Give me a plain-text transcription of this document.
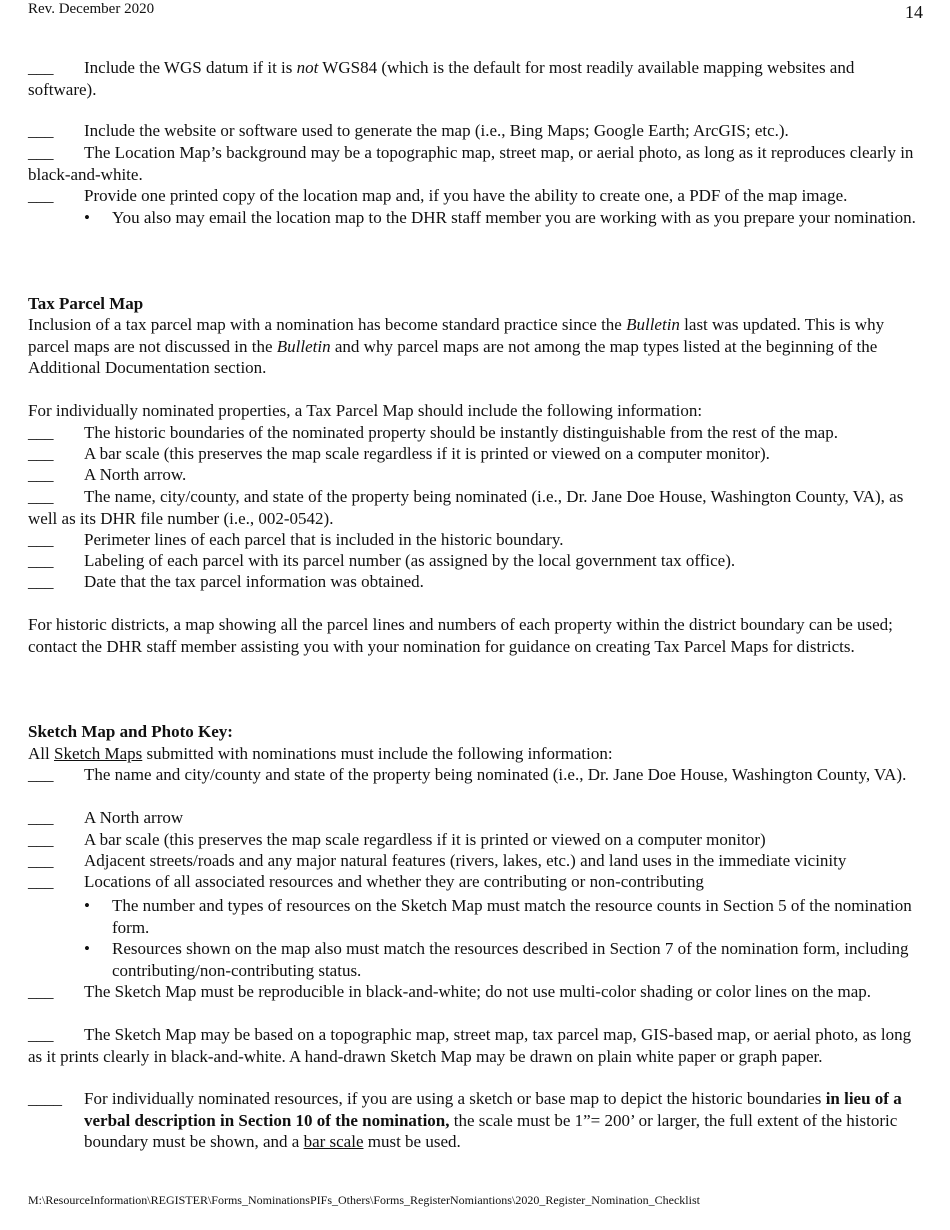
Rev. December 2020	14
___ Include the WGS datum if it is not WGS84 (which is the default for most readily available mapping websites and software).
___ Include the website or software used to generate the map (i.e., Bing Maps; Google Earth; ArcGIS; etc.).
___ The Location Map’s background may be a topographic map, street map, or aerial photo, as long as it reproduces clearly in black-and-white.
___ Provide one printed copy of the location map and, if you have the ability to create one, a PDF of the map image.
• You also may email the location map to the DHR staff member you are working with as you prepare your nomination.
Tax Parcel Map
Inclusion of a tax parcel map with a nomination has become standard practice since the Bulletin last was updated. This is why parcel maps are not discussed in the Bulletin and why parcel maps are not among the map types listed at the beginning of the Additional Documentation section.
For individually nominated properties, a Tax Parcel Map should include the following information:
___ The historic boundaries of the nominated property should be instantly distinguishable from the rest of the map.
___ A bar scale (this preserves the map scale regardless if it is printed or viewed on a computer monitor).
___ A North arrow.
___ The name, city/county, and state of the property being nominated (i.e., Dr. Jane Doe House, Washington County, VA), as well as its DHR file number (i.e., 002-0542).
___ Perimeter lines of each parcel that is included in the historic boundary.
___ Labeling of each parcel with its parcel number (as assigned by the local government tax office).
___ Date that the tax parcel information was obtained.
For historic districts, a map showing all the parcel lines and numbers of each property within the district boundary can be used; contact the DHR staff member assisting you with your nomination for guidance on creating Tax Parcel Maps for districts.
Sketch Map and Photo Key:
All Sketch Maps submitted with nominations must include the following information:
___ The name and city/county and state of the property being nominated (i.e., Dr. Jane Doe House, Washington County, VA).
___ A North arrow
___ A bar scale (this preserves the map scale regardless if it is printed or viewed on a computer monitor)
___ Adjacent streets/roads and any major natural features (rivers, lakes, etc.) and land uses in the immediate vicinity
___ Locations of all associated resources and whether they are contributing or non-contributing
• The number and types of resources on the Sketch Map must match the resource counts in Section 5 of the nomination form.
• Resources shown on the map also must match the resources described in Section 7 of the nomination form, including contributing/non-contributing status.
___ The Sketch Map must be reproducible in black-and-white; do not use multi-color shading or color lines on the map.
___ The Sketch Map may be based on a topographic map, street map, tax parcel map, GIS-based map, or aerial photo, as long as it prints clearly in black-and-white. A hand-drawn Sketch Map may be drawn on plain white paper or graph paper.
____ For individually nominated resources, if you are using a sketch or base map to depict the historic boundaries in lieu of a verbal description in Section 10 of the nomination, the scale must be 1”= 200’ or larger, the full extent of the historic boundary must be shown, and a bar scale must be used.
M:\ResourceInformation\REGISTER\Forms_NominationsPIFs_Others\Forms_RegisterNomiantions\2020_Register_Nomination_Checklist
